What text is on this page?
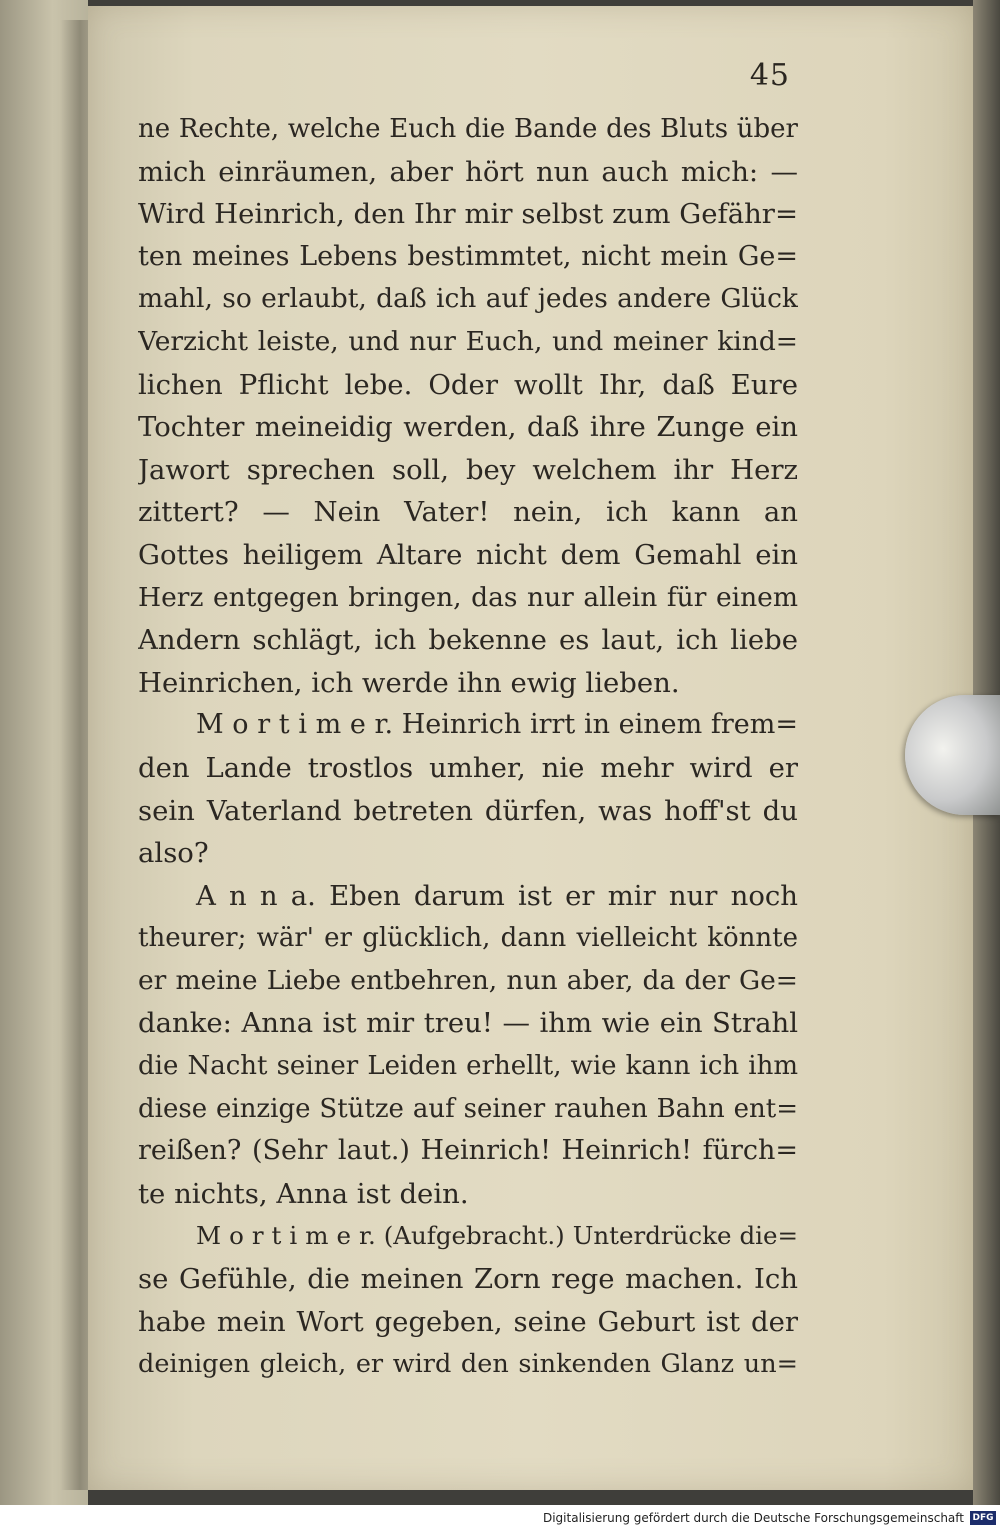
45
ne Rechte, welche Euch die Bande des Bluts über
mich einräumen, aber hört nun auch mich: —
Wird Heinrich, den Ihr mir selbst zum Gefähr=
ten meines Lebens bestimmtet, nicht mein Ge=
mahl, so erlaubt, daß ich auf jedes andere Glück
Verzicht leiste, und nur Euch, und meiner kind=
lichen Pflicht lebe. Oder wollt Ihr, daß Eure
Tochter meineidig werden, daß ihre Zunge ein
Jawort sprechen soll, bey welchem ihr Herz
zittert? — Nein Vater! nein, ich kann an
Gottes heiligem Altare nicht dem Gemahl ein
Herz entgegen bringen, das nur allein für einem
Andern schlägt, ich bekenne es laut, ich liebe
Heinrichen, ich werde ihn ewig lieben.
M o r t i m e r. Heinrich irrt in einem frem=
den Lande trostlos umher, nie mehr wird er
sein Vaterland betreten dürfen, was hoff'st du
also?
A n n a. Eben darum ist er mir nur noch
theurer; wär' er glücklich, dann vielleicht könnte
er meine Liebe entbehren, nun aber, da der Ge=
danke: Anna ist mir treu! — ihm wie ein Strahl
die Nacht seiner Leiden erhellt, wie kann ich ihm
diese einzige Stütze auf seiner rauhen Bahn ent=
reißen? (Sehr laut.) Heinrich! Heinrich! fürch=
te nichts, Anna ist dein.
M o r t i m e r. (Aufgebracht.) Unterdrücke die=
se Gefühle, die meinen Zorn rege machen. Ich
habe mein Wort gegeben, seine Geburt ist der
deinigen gleich, er wird den sinkenden Glanz un=
Digitalisierung gefördert durch die Deutsche Forschungsgemeinschaft DFG
